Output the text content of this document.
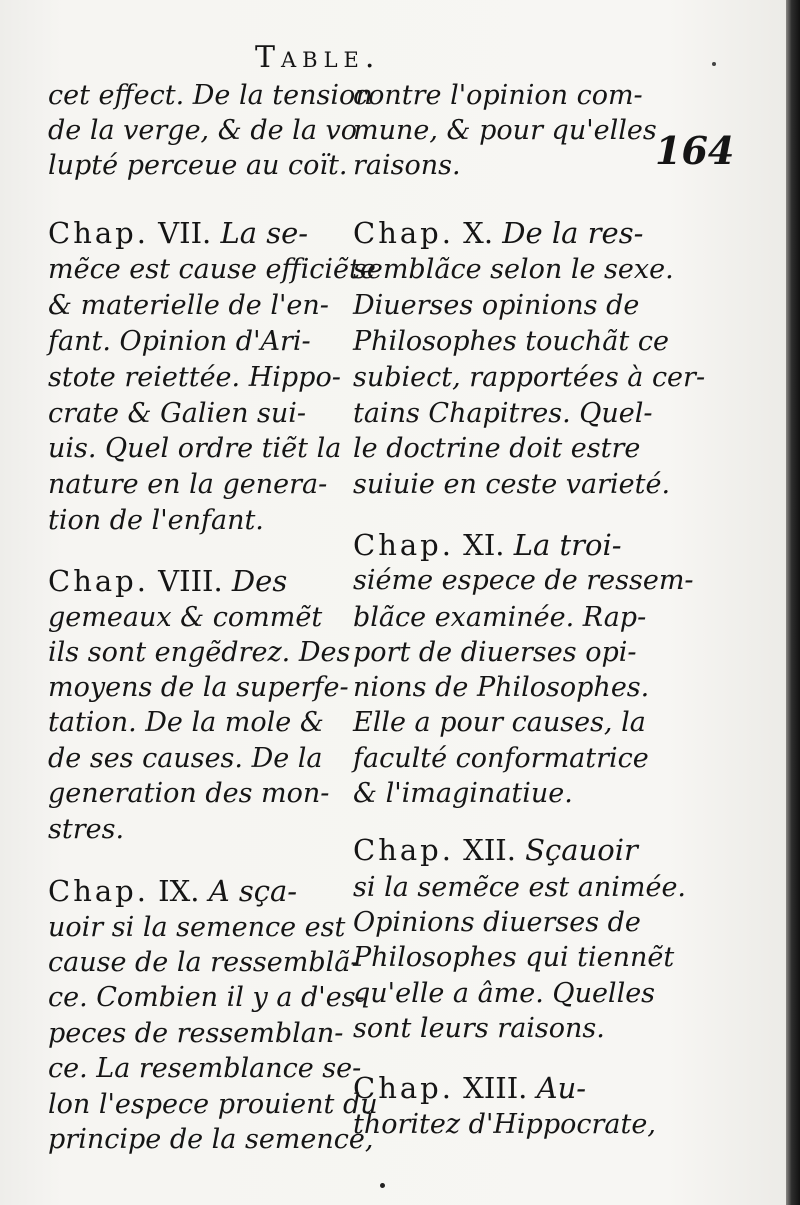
Table.
164
cet effect. De la tension
de la verge, & de la vo
lupté perceue au coït.
Chap. VII. La se-
mẽce est cause efficiẽte
& materielle de l'en-
fant. Opinion d'Ari-
stote reiettée. Hippo-
crate & Galien sui-
uis. Quel ordre tiẽt la
nature en la genera-
tion de l'enfant.
Chap. VIII. Des
gemeaux & commẽt
ils sont engẽdrez. Des
moyens de la superfe-
tation. De la mole &
de ses causes. De la
generation des mon-
stres.
Chap. IX. A sça-
uoir si la semence est
cause de la ressemblã-
ce. Combien il y a d'es-
peces de ressemblan-
ce. La resemblance se-
lon l'espece prouient du
principe de la semence,
contre l'opinion com-
mune, & pour qu'elles
raisons.
Chap. X. De la res-
semblãce selon le sexe.
Diuerses opinions de
Philosophes touchãt ce
subiect, rapportées à cer-
tains Chapitres. Quel-
le doctrine doit estre
suiuie en ceste varieté.
Chap. XI. La troi-
siéme espece de ressem-
blãce examinée. Rap-
port de diuerses opi-
nions de Philosophes.
Elle a pour causes, la
faculté conformatrice
& l'imaginatiue.
Chap. XII. Sçauoir
si la semẽce est animée.
Opinions diuerses de
Philosophes qui tiennẽt
qu'elle a âme. Quelles
sont leurs raisons.
Chap. XIII. Au-
thoritez d'Hippocrate,
